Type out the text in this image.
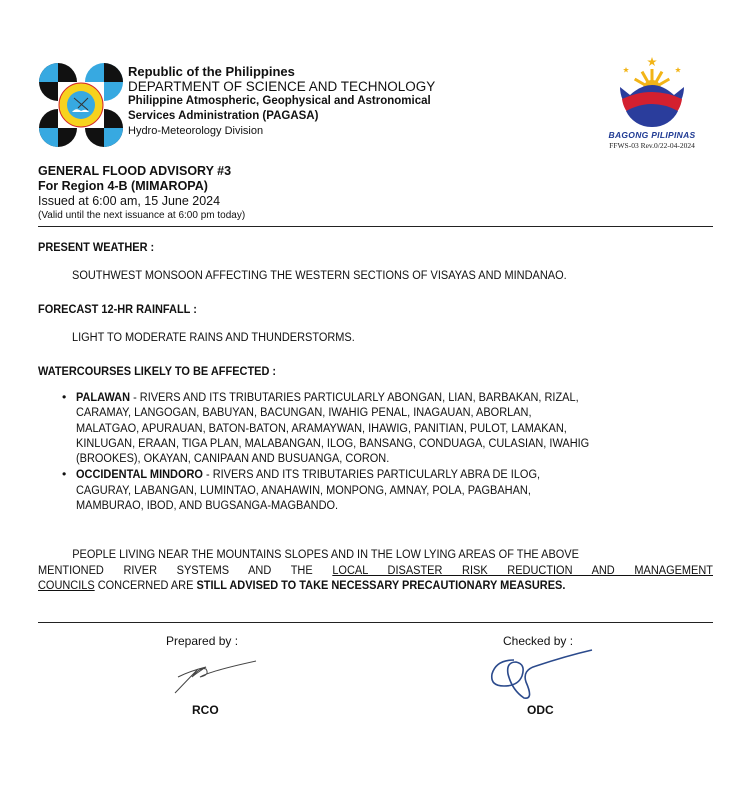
Republic of the Philippines
DEPARTMENT OF SCIENCE AND TECHNOLOGY
Philippine Atmospheric, Geophysical and Astronomical
Services Administration (PAGASA)
Hydro-Meteorology Division	BAGONG PILIPINAS
FFWS-03 Rev.0/22-04-2024
GENERAL FLOOD ADVISORY #3
For Region 4-B (MIMAROPA)
Issued at 6:00 am, 15 June 2024
(Valid until the next issuance at 6:00 pm today)
PRESENT WEATHER :
SOUTHWEST MONSOON AFFECTING THE WESTERN SECTIONS OF VISAYAS AND MINDANAO.
FORECAST 12-HR RAINFALL :
LIGHT TO MODERATE RAINS AND THUNDERSTORMS.
WATERCOURSES LIKELY TO BE AFFECTED :
• PALAWAN - RIVERS AND ITS TRIBUTARIES PARTICULARLY ABONGAN, LIAN, BARBAKAN, RIZAL,
CARAMAY, LANGOGAN, BABUYAN, BACUNGAN, IWAHIG PENAL, INAGAUAN, ABORLAN,
MALATGAO, APURAUAN, BATON-BATON, ARAMAYWAN, IHAWIG, PANITIAN, PULOT, LAMAKAN,
KINLUGAN, ERAAN, TIGA PLAN, MALABANGAN, ILOG, BANSANG, CONDUAGA, CULASIAN, IWAHIG
(BROOKES), OKAYAN, CANIPAAN AND BUSUANGA, CORON.
• OCCIDENTAL MINDORO - RIVERS AND ITS TRIBUTARIES PARTICULARLY ABRA DE ILOG,
CAGURAY, LABANGAN, LUMINTAO, ANAHAWIN, MONPONG, AMNAY, POLA, PAGBAHAN,
MAMBURAO, IBOD, AND BUGSANGA-MAGBANDO.
PEOPLE LIVING NEAR THE MOUNTAINS SLOPES AND IN THE LOW LYING AREAS OF THE ABOVE
MENTIONED RIVER SYSTEMS AND THE LOCAL DISASTER RISK REDUCTION AND MANAGEMENT
COUNCILS CONCERNED ARE STILL ADVISED TO TAKE NECESSARY PRECAUTIONARY MEASURES.
Prepared by :
RCO
Checked by :
ODC
